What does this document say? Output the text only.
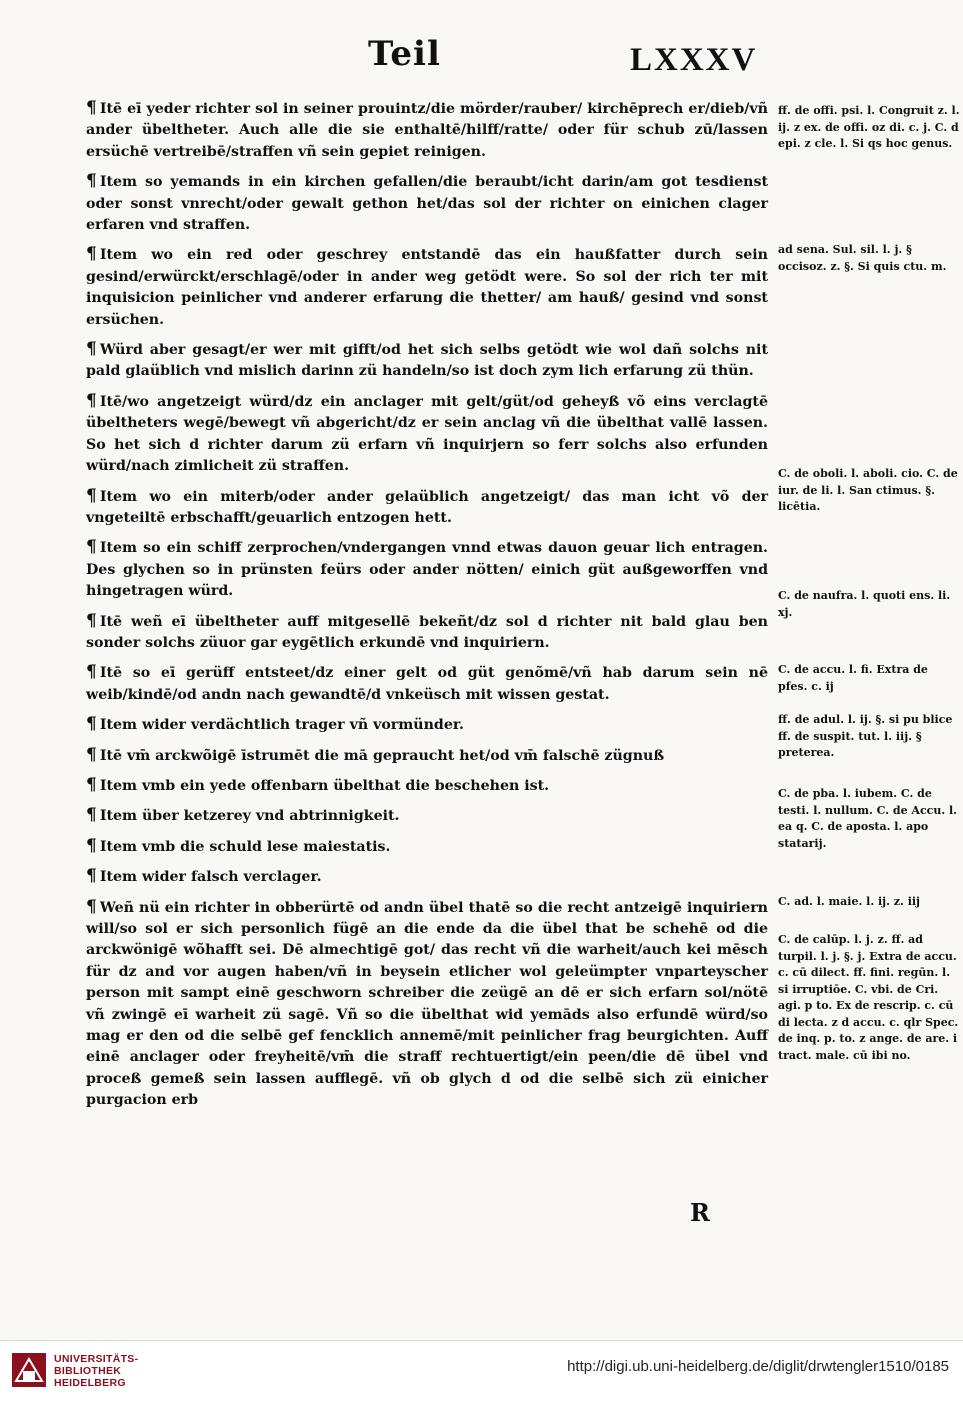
Teil	LXXXV

¶ Itē eī yeder richter sol in seiner prouintz/die mörder/rauber/ kirchēprech er/dieb/vñ ander übeltheter. Auch alle die sie enthaltē/hilff/ratte/ oder für schub zū/lassen ersüchē vertreibē/straffen vñ sein gepiet reinigen.

¶ Item so yemands in ein kirchen gefallen/die beraubt/icht darin/am got tesdienst oder sonst vnrecht/oder gewalt gethon het/das sol der richter on einichen clager erfaren vnd straffen.

¶ Item wo ein red oder geschrey entstandē das ein haußfatter durch sein gesind/erwürckt/erschlagē/oder in ander weg getödt were. So sol der rich ter mit inquisicion peinlicher vnd anderer erfarung die thetter/ am hauß/ gesind vnd sonst ersüchen.

¶ Würd aber gesagt/er wer mit gifft/od het sich selbs getödt wie wol dañ solchs nit pald glaüblich vnd mislich darinn zü handeln/so ist doch zym lich erfarung zü thün.

¶ Itē/wo angetzeigt würd/dz ein anclager mit gelt/güt/od geheyß võ eins verclagtē übeltheters wegē/bewegt vñ abgericht/dz er sein anclag vñ die übelthat vallē lassen. So het sich d richter darum zü erfarn vñ inquirjern so ferr solchs also erfunden würd/nach zimlicheit zü straffen.

¶ Item wo ein miterb/oder ander gelaüblich angetzeigt/ das man icht võ der vngeteiltē erbschafft/geuarlich entzogen hett.

¶ Item so ein schiff zerprochen/vndergangen vnnd etwas dauon geuar lich entragen. Des glychen so in prünsten feürs oder ander nötten/ einich güt außgeworffen vnd hingetragen würd.

¶ Itē weñ eī übeltheter auff mitgesellē bekeñt/dz sol d richter nit bald glau ben sonder solchs züuor gar eygētlich erkundē vnd inquiriern.

¶ Itē so eī gerüff entsteet/dz einer gelt od güt genõmē/vñ hab darum sein nē weib/kindē/od andn nach gewandtē/d vnkeüsch mit wissen gestat.

¶ Item wider verdächtlich trager vñ vormünder.

¶ Itē vm̄ arckwõigē īstrumēt die mā gepraucht het/od vm̄ falschē zügnuß

¶ Item vmb ein yede offenbarn übelthat die beschehen ist.

¶ Item über ketzerey vnd abtrinnigkeit.

¶ Item vmb die schuld lese maiestatis.

¶ Item wider falsch verclager.

¶ Weñ nü ein richter in obberürtē od andn übel thatē so die recht antzeigē inquiriern will/so sol er sich personlich fügē an die ende da die übel that be schehē od die arckwönigē wõhafft sei. Dē almechtigē got/ das recht vñ die warheit/auch kei mēsch für dz and vor augen haben/vñ in beysein etlicher wol geleümpter vnparteyscher person mit sampt einē geschworn schreiber die zeügē an dē er sich erfarn sol/nötē vñ zwingē eī warheit zü sagē. Vñ so die übelthat wid yemāds also erfundē würd/so mag er den od die selbē gef fencklich annemē/mit peinlicher frag beurgichten. Auff einē anclager oder freyheitē/vm̄ die straff rechtuertigt/ein peen/die dē übel vnd proceß gemeß sein lassen aufflegē. vñ ob glych d od die selbē sich zü einicher purgacion erb

ff. de offi. psi. l. Congruit z. l. ij. z ex. de offi. oz di. c. j. C. d epi. z cle. l. Si qs hoc genus.
ad sena. Sul. sil. l. j. § occisoz. z. §. Si quis ctu. m.
C. de oboli. l. aboli. cio. C. de iur. de li. l. San ctimus. §. licētia.
C. de naufra. l. quoti ens. li. xj.
C. de accu. l. fi. Extra de pfes. c. ij
ff. de adul. l. ij. §. si pu blice ff. de suspit. tut. l. iij. § preterea.
C. de pba. l. iubem. C. de testi. l. nullum. C. de Accu. l. ea q. C. de aposta. l. apo statarij.
C. ad. l. maie. l. ij. z. iij
C. de calūp. l. j. z. ff. ad turpil. l. j. §. j. Extra de accu. c. cū dilect. ff. fini. regūn. l. si irruptiōe. C. vbi. de Cri. agi. p to. Ex de rescrip. c. cū di lecta. z d accu. c. qlr Spec. de inq. p. to. z ange. de are. i tract. male. cū ibi no.
R
UNIVERSITÄTS-
BIBLIOTHEK
HEIDELBERG
http://digi.ub.uni-heidelberg.de/diglit/drwtengler1510/0185
